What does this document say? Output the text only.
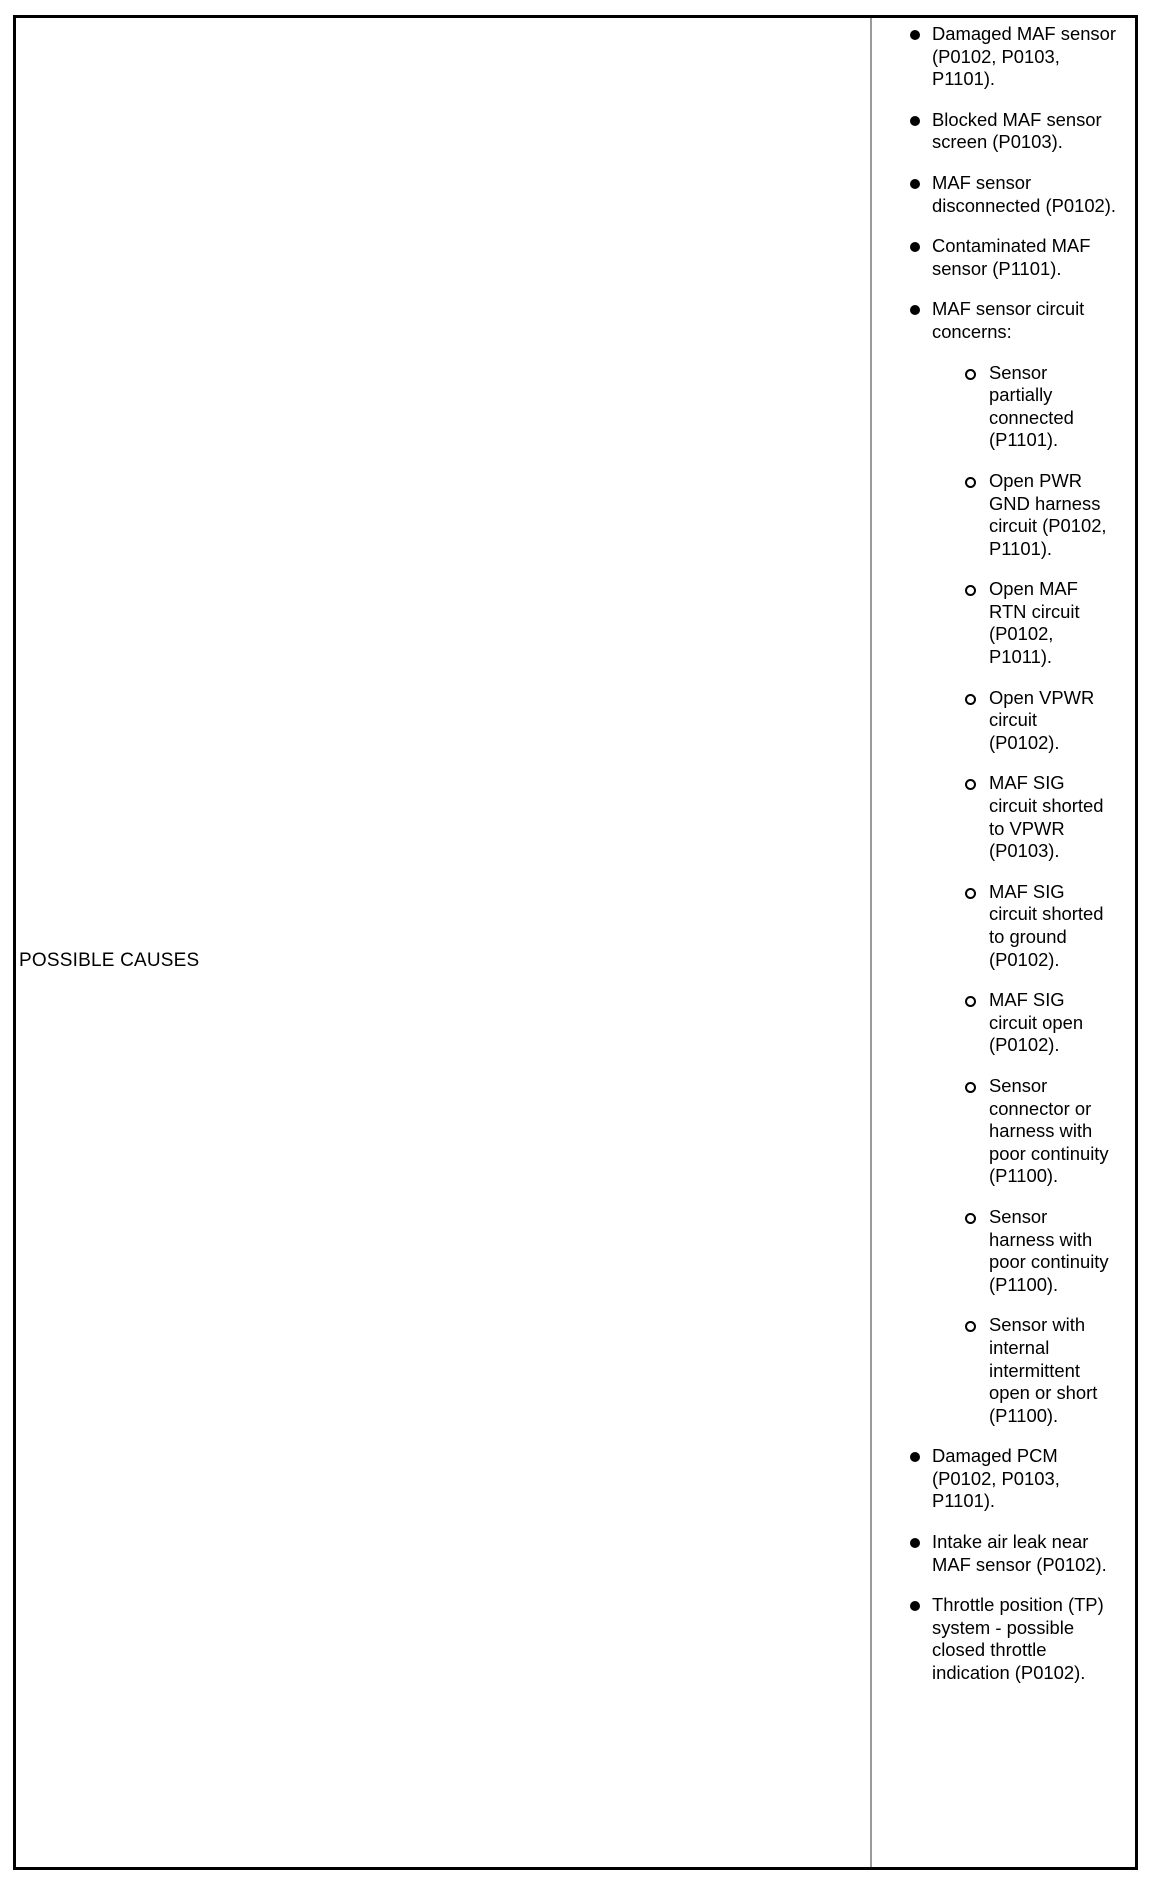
POSSIBLE CAUSES
Damaged MAF sensor (P0102, P0103, P1101).
Blocked MAF sensor screen (P0103).
MAF sensor disconnected (P0102).
Contaminated MAF sensor (P1101).
MAF sensor circuit concerns:
Sensor partially connected (P1101).
Open PWR GND harness circuit (P0102, P1101).
Open MAF RTN circuit (P0102, P1011).
Open VPWR circuit (P0102).
MAF SIG circuit shorted to VPWR (P0103).
MAF SIG circuit shorted to ground (P0102).
MAF SIG circuit open (P0102).
Sensor connector or harness with poor continuity (P1100).
Sensor harness with poor continuity (P1100).
Sensor with internal intermittent open or short (P1100).
Damaged PCM (P0102, P0103, P1101).
Intake air leak near MAF sensor (P0102).
Throttle position (TP) system - possible closed throttle indication (P0102).
